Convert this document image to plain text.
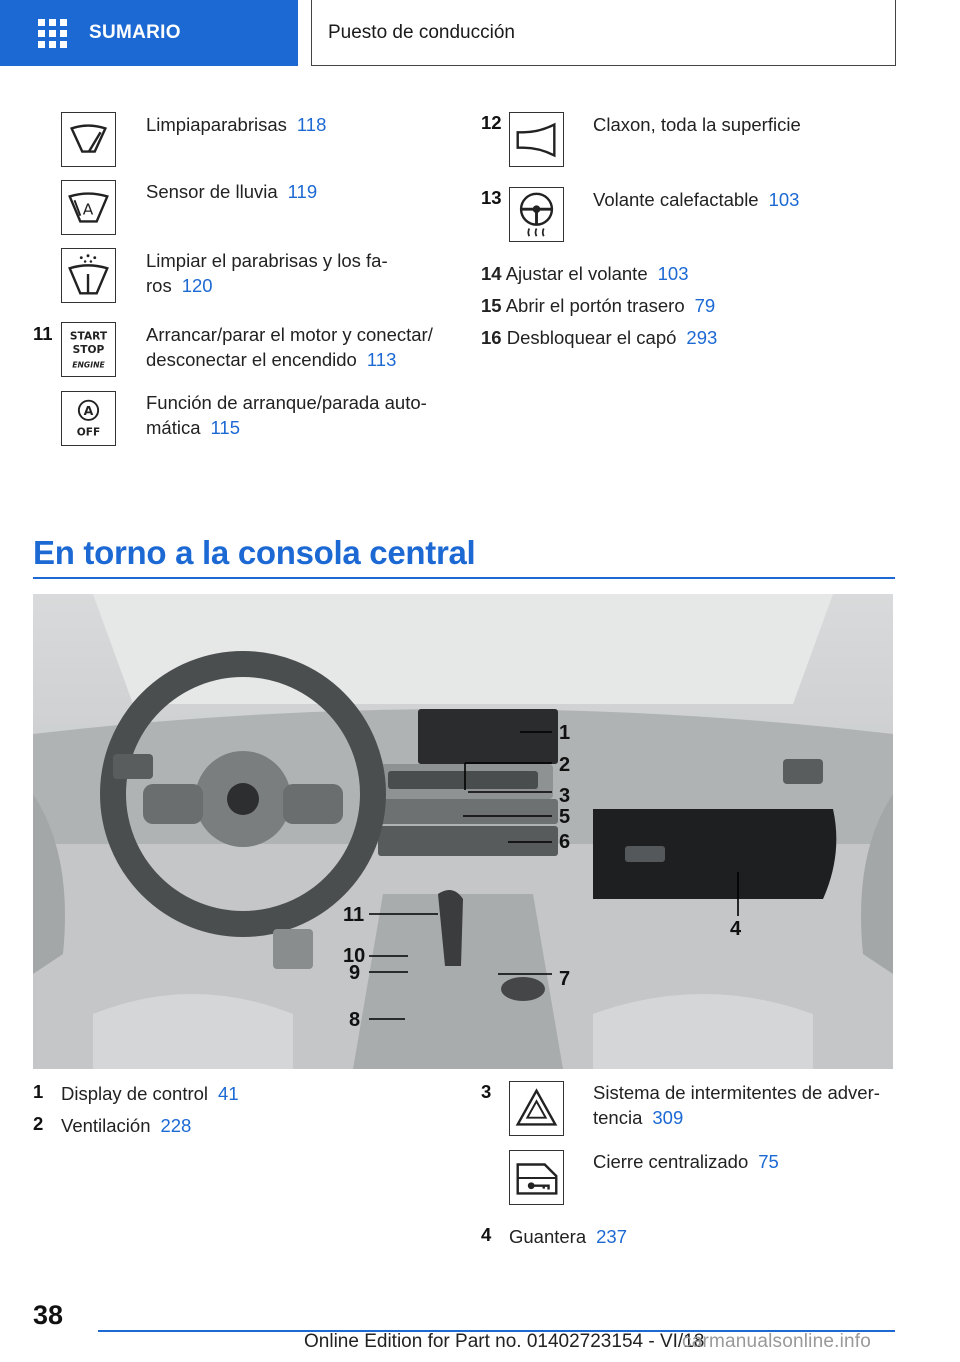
SUMARIO	Puesto de conducción
Limpiaparabrisas 118
A
Sensor de lluvia 119
Limpiar el parabrisas y los fa-
ros 120
11 START
STOP
ENGINE
Arrancar/parar el motor y conectar/
desconectar el encendido 113
A
OFF
Función de arranque/parada auto-
mática 115
12	Claxon, toda la superficie
13	Volante calefactable 103
14 Ajustar el volante 103
15 Abrir el portón trasero 79
16 Desbloquear el capó 293
En torno a la consola central
1
2
3
5
6
4
11
10
9	7
8
1 Display de control 41
2 Ventilación 228
3	Sistema de intermitentes de adver-
tencia 309
Cierre centralizado 75
4 Guantera 237
38
Online Edition for Part no. 01402723154 - VI/18
carmanualsonline.info
